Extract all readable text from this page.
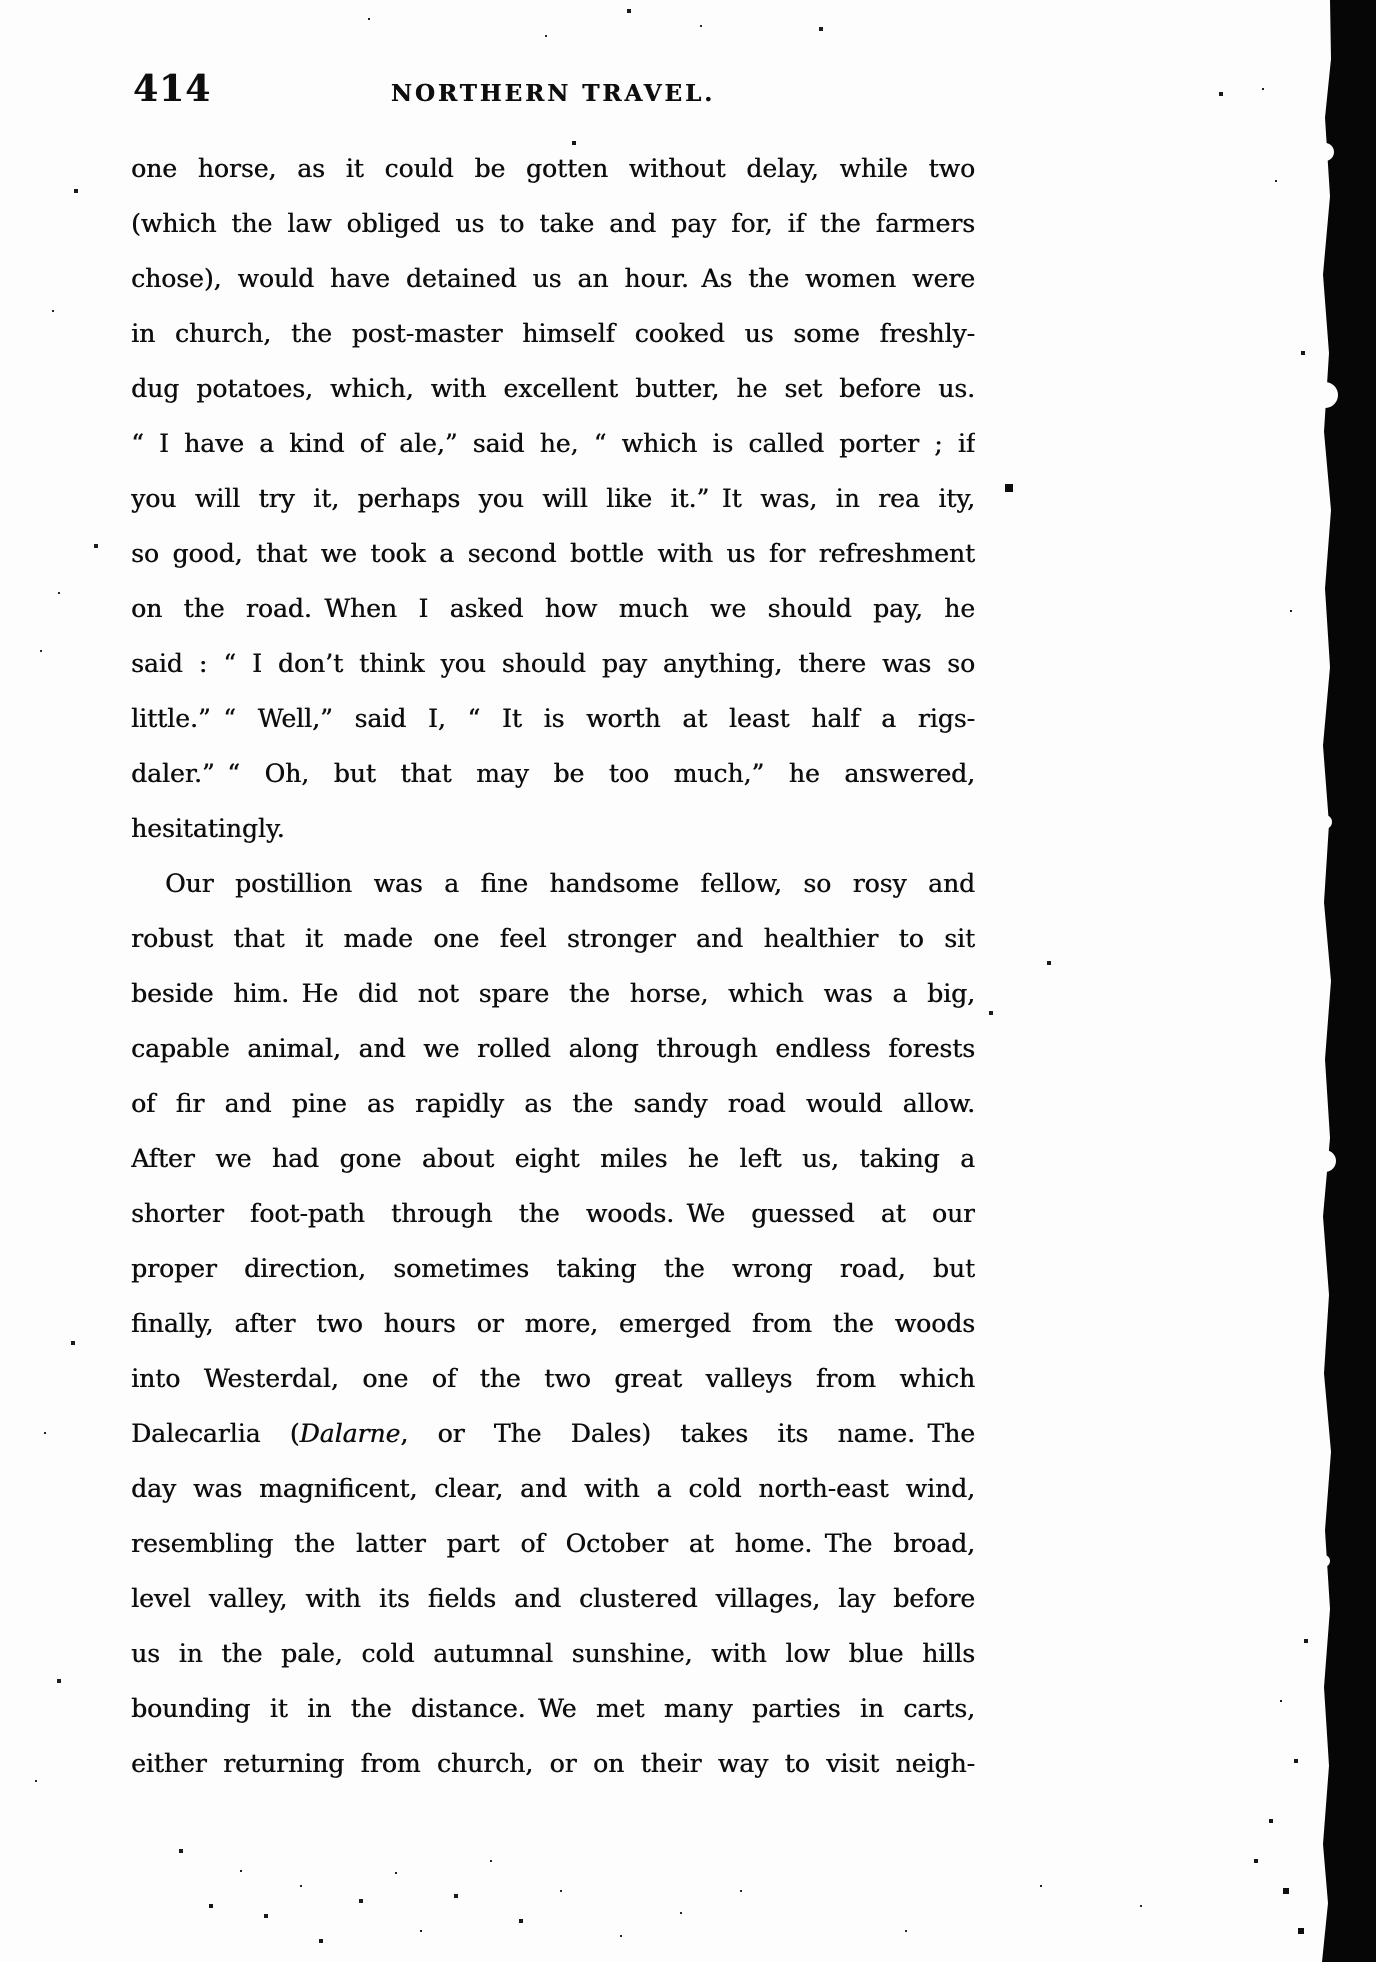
414	NORTHERN TRAVEL.
one horse, as it could be gotten without delay, while two
(which the law obliged us to take and pay for, if the farmers
chose), would have detained us an hour. As the women were
in church, the post-master himself cooked us some freshly-
dug potatoes, which, with excellent butter, he set before us.
“ I have a kind of ale,” said he, “ which is called porter ; if
you will try it, perhaps you will like it.” It was, in rea ity,
so good, that we took a second bottle with us for refreshment
on the road. When I asked how much we should pay, he
said : “ I don’t think you should pay anything, there was so
little.” “ Well,” said I, “ It is worth at least half a rigs-
daler.” “ Oh, but that may be too much,” he answered,
hesitatingly.
Our postillion was a fine handsome fellow, so rosy and
robust that it made one feel stronger and healthier to sit
beside him. He did not spare the horse, which was a big,
capable animal, and we rolled along through endless forests
of fir and pine as rapidly as the sandy road would allow.
After we had gone about eight miles he left us, taking a
shorter foot-path through the woods. We guessed at our
proper direction, sometimes taking the wrong road, but
finally, after two hours or more, emerged from the woods
into Westerdal, one of the two great valleys from which
Dalecarlia (Dalarne, or The Dales) takes its name. The
day was magnificent, clear, and with a cold north-east wind,
resembling the latter part of October at home. The broad,
level valley, with its fields and clustered villages, lay before
us in the pale, cold autumnal sunshine, with low blue hills
bounding it in the distance. We met many parties in carts,
either returning from church, or on their way to visit neigh-
